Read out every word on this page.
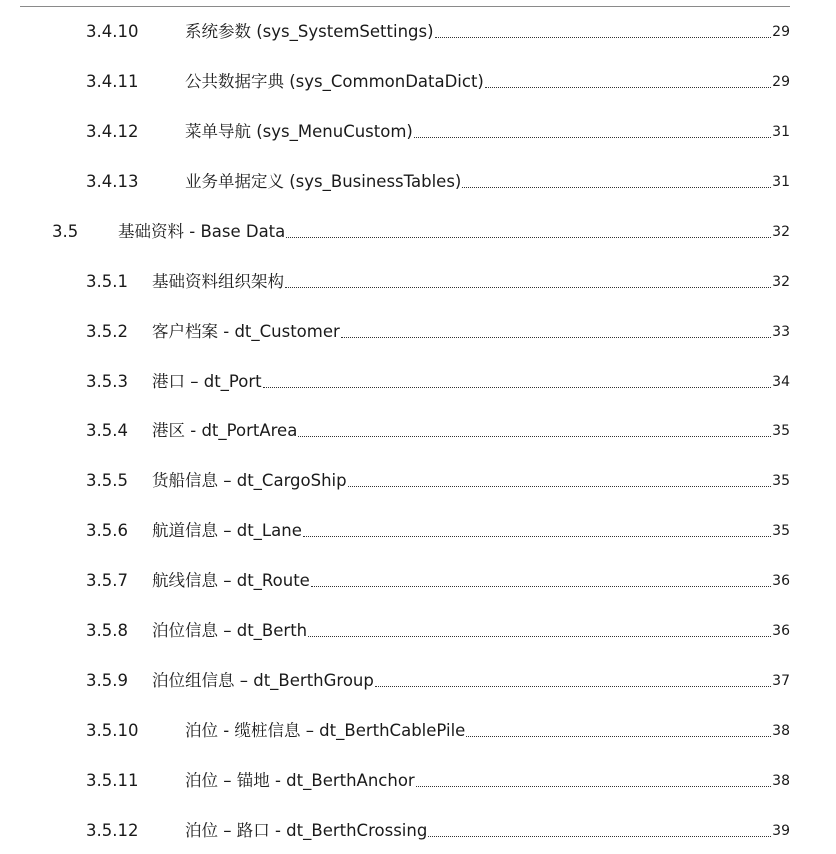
3.4.10	系统参数 (sys_SystemSettings)	29
3.4.11	公共数据字典 (sys_CommonDataDict)	29
3.4.12	菜单导航 (sys_MenuCustom)	31
3.4.13	业务单据定义 (sys_BusinessTables)	31
3.5	基础资料 - Base Data	32
3.5.1	基础资料组织架构	32
3.5.2	客户档案 - dt_Customer	33
3.5.3	港口 – dt_Port	34
3.5.4	港区 - dt_PortArea	35
3.5.5	货船信息 – dt_CargoShip	35
3.5.6	航道信息 – dt_Lane	35
3.5.7	航线信息 – dt_Route	36
3.5.8	泊位信息 – dt_Berth	36
3.5.9	泊位组信息 – dt_BerthGroup	37
3.5.10	泊位 - 缆桩信息 – dt_BerthCablePile	38
3.5.11	泊位 – 锚地 - dt_BerthAnchor	38
3.5.12	泊位 – 路口 - dt_BerthCrossing	39
